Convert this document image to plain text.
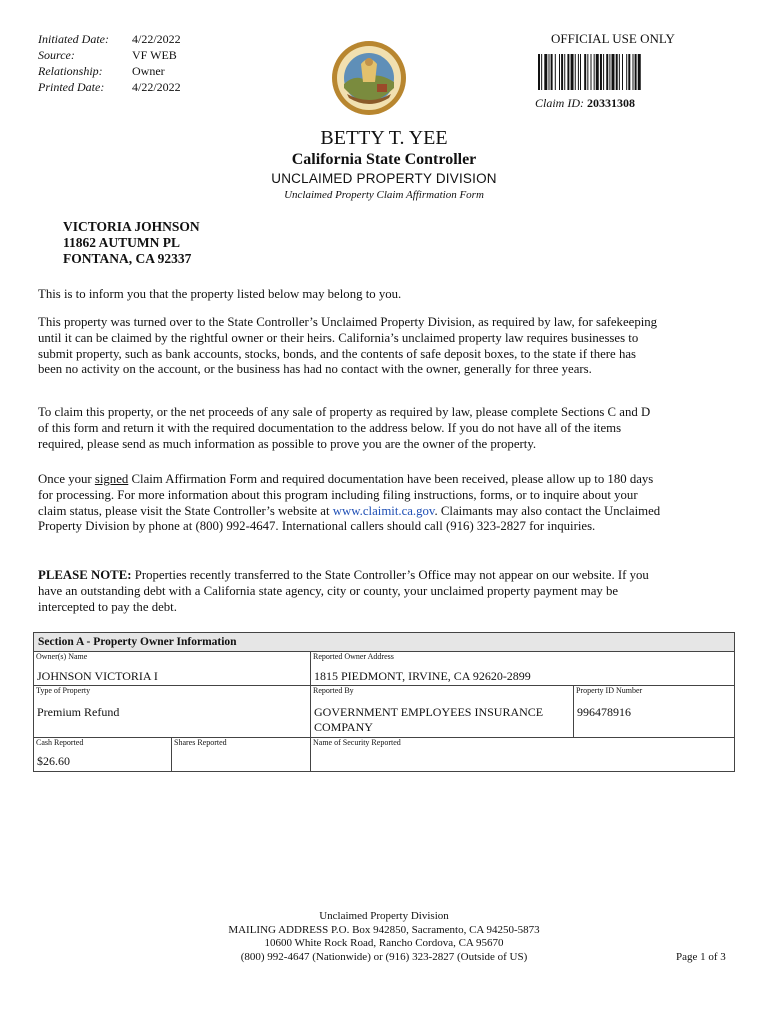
Initiated Date:	4/22/2022
Source:	VF WEB
Relationship:	Owner
Printed Date:	4/22/2022
OFFICIAL USE ONLY
Claim ID: 20331308
BETTY T. YEE
California State Controller
UNCLAIMED PROPERTY DIVISION
Unclaimed Property Claim Affirmation Form
VICTORIA JOHNSON
11862 AUTUMN PL
FONTANA, CA 92337

This is to inform you that the property listed below may belong to you.

This property was turned over to the State Controller’s Unclaimed Property Division, as required by law, for safekeeping until it can be claimed by the rightful owner or their heirs. California’s unclaimed property law requires businesses to submit property, such as bank accounts, stocks, bonds, and the contents of safe deposit boxes, to the state if there has been no activity on the account, or the business has had no contact with the owner, generally for three years.

To claim this property, or the net proceeds of any sale of property as required by law, please complete Sections C and D of this form and return it with the required documentation to the address below. If you do not have all of the items required, please send as much information as possible to prove you are the owner of the property.

Once your signed Claim Affirmation Form and required documentation have been received, please allow up to 180 days for processing. For more information about this program including filing instructions, forms, or to inquire about your claim status, please visit the State Controller’s website at www.claimit.ca.gov. Claimants may also contact the Unclaimed Property Division by phone at (800) 992-4647. International callers should call (916) 323-2827 for inquiries.

PLEASE NOTE: Properties recently transferred to the State Controller’s Office may not appear on our website. If you have an outstanding debt with a California state agency, city or county, your unclaimed property payment may be intercepted to pay the debt.

Section A - Property Owner Information
Owner(s) Name
JOHNSON VICTORIA I
Reported Owner Address
1815 PIEDMONT, IRVINE, CA 92620-2899
Type of Property
Premium Refund
Reported By
GOVERNMENT EMPLOYEES INSURANCE
COMPANY
Property ID Number
996478916
Cash Reported
$26.60
Shares Reported	Name of Security Reported
Unclaimed Property Division
MAILING ADDRESS P.O. Box 942850, Sacramento, CA 94250-5873
10600 White Rock Road, Rancho Cordova, CA 95670
(800) 992-4647 (Nationwide) or (916) 323-2827 (Outside of US)	Page 1 of 3
